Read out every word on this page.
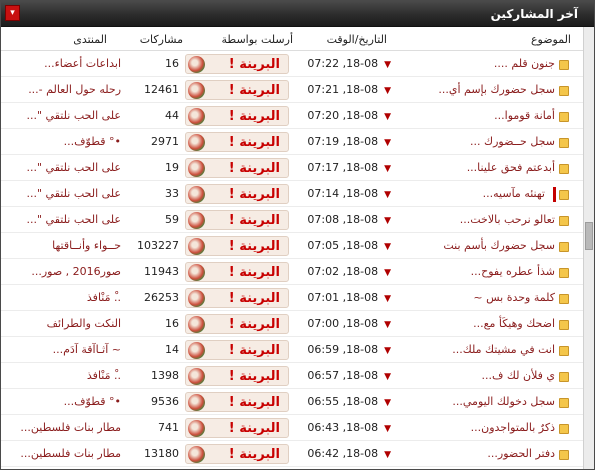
آخر المشاركين
▾
الموضوع
التاريخ/الوقت
أرسلت بواسطة
مشاركات
المنتدى
جنون قلم ....
▼07:22 ,18-08
البرينة !
16
ابداعات أعضاء...
سجل حضورك بإسم أي...
▼07:21 ,18-08
البرينة !
12461
رحله حول العالم -...
أمانة قوموا...
▼07:20 ,18-08
البرينة !
44
على الحب نلتقي "...
سجل حــضورك ...
▼07:19 ,18-08
البرينة !
2971
•° قطوّف...
أبدعتم فحق علينا...
▼07:17 ,18-08
البرينة !
19
على الحب نلتقي "...
تهنئه مآسيه...
▼07:14 ,18-08
البرينة !
33
على الحب نلتقي "...
تعالو نرحب بالاخت...
▼07:08 ,18-08
البرينة !
59
على الحب نلتقي "...
سجل حضورك بأسم بنت
▼07:05 ,18-08
البرينة !
103227
حــواء وأنــاقتها
شذأ عطره يفوح...
▼07:02 ,18-08
البرينة !
11943
صور2016 , صور...
كلمة وحدة بس ~
▼07:01 ,18-08
البرينة !
26253
..ْ مَنْافذ
اضحك وهيكَأ مع...
▼07:00 ,18-08
البرينة !
16
النكت والطرائف
انت في مشيتك ملك...
▼06:59 ,18-08
البرينة !
14
~ آثـاآقة آدَم...
ي فلأن لك ف...
▼06:57 ,18-08
البرينة !
1398
..ْ مَنْافذ
سجل دخولك اليومي...
▼06:55 ,18-08
البرينة !
9536
•° قطوّف...
ذكرٌ بالمتواجدون...
▼06:43 ,18-08
البرينة !
741
مطار بنات فلسطين...
دفتر الحضور...
▼06:42 ,18-08
البرينة !
13180
مطار بنات فلسطين...
